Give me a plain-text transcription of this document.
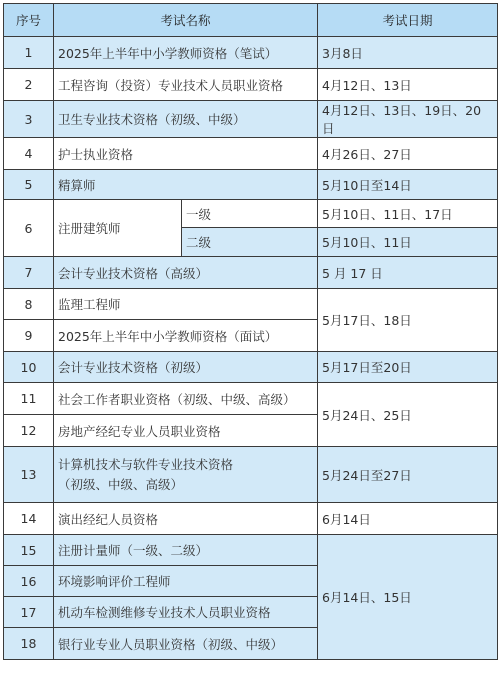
序号	考试名称		考试日期
1	2025年上半年中小学教师资格（笔试）		3月8日
2	工程咨询（投资）专业技术人员职业资格		4月12日、13日
3	卫生专业技术资格（初级、中级）		4月12日、13日、19日、20日
4	护士执业资格		4月26日、27日
5	精算师		5月10日至14日
6	注册建筑师	一级	5月10日、11日、17日
		二级	5月10日、11日
7	会计专业技术资格（高级）		5 月 17 日
8	监理工程师		5月17日、18日
9	2025年上半年中小学教师资格（面试）		
10	会计专业技术资格（初级）		5月17日至20日
11	社会工作者职业资格（初级、中级、高级）		5月24日、25日
12	房地产经纪专业人员职业资格		
13	计算机技术与软件专业技术资格
（初级、中级、高级）		5月24日至27日
14	演出经纪人员资格		6月14日
15	注册计量师（一级、二级）		6月14日、15日
16	环境影响评价工程师		
17	机动车检测维修专业技术人员职业资格		
18	银行业专业人员职业资格（初级、中级）		
